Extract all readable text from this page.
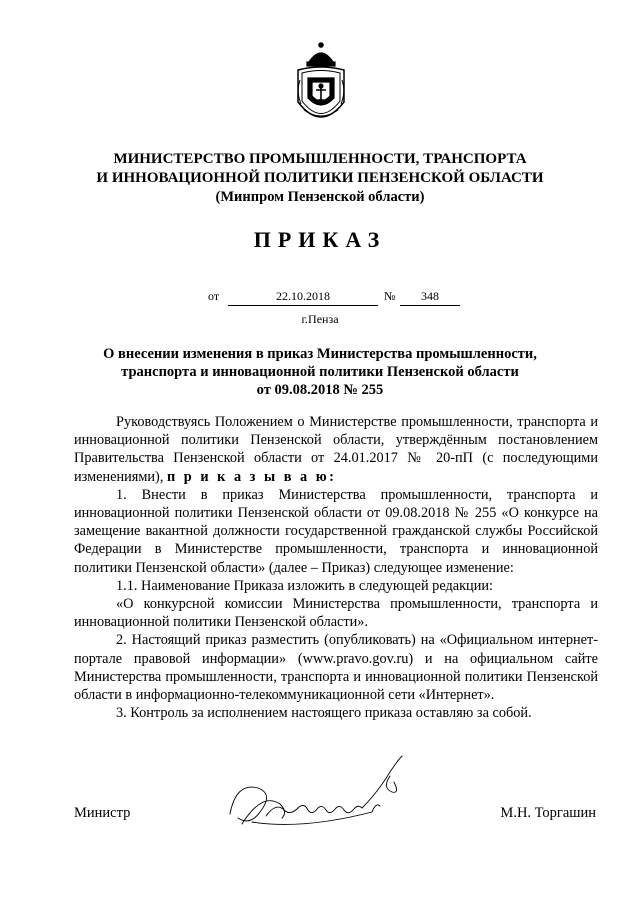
МИНИСТЕРСТВО ПРОМЫШЛЕННОСТИ, ТРАНСПОРТА
И ИННОВАЦИОННОЙ ПОЛИТИКИ ПЕНЗЕНСКОЙ ОБЛАСТИ
(Минпром Пензенской области)
ПРИКАЗ
от	22.10.2018	№	348
г.Пенза
О внесении изменения в приказ Министерства промышленности,
транспорта и инновационной политики Пензенской области
от 09.08.2018 № 255

Руководствуясь Положением о Министерстве промышленности, транспорта и инновационной политики Пензенской области, утверждённым постановлением Правительства Пензенской области от 24.01.2017 № 20-пП (с последующими изменениями), п р и к а з ы в а ю:

1. Внести в приказ Министерства промышленности, транспорта и инновационной политики Пензенской области от 09.08.2018 № 255 «О конкурсе на замещение вакантной должности государственной гражданской службы Российской Федерации в Министерстве промышленности, транспорта и инновационной политики Пензенской области» (далее – Приказ) следующее изменение:

1.1. Наименование Приказа изложить в следующей редакции:

«О конкурсной комиссии Министерства промышленности, транспорта и инновационной политики Пензенской области».

2. Настоящий приказ разместить (опубликовать) на «Официальном интернет-портале правовой информации» (www.pravo.gov.ru) и на официальном сайте Министерства промышленности, транспорта и инновационной политики Пензенской области в информационно-телекоммуникационной сети «Интернет».

3. Контроль за исполнением настоящего приказа оставляю за собой.

Министр	М.Н. Торгашин
